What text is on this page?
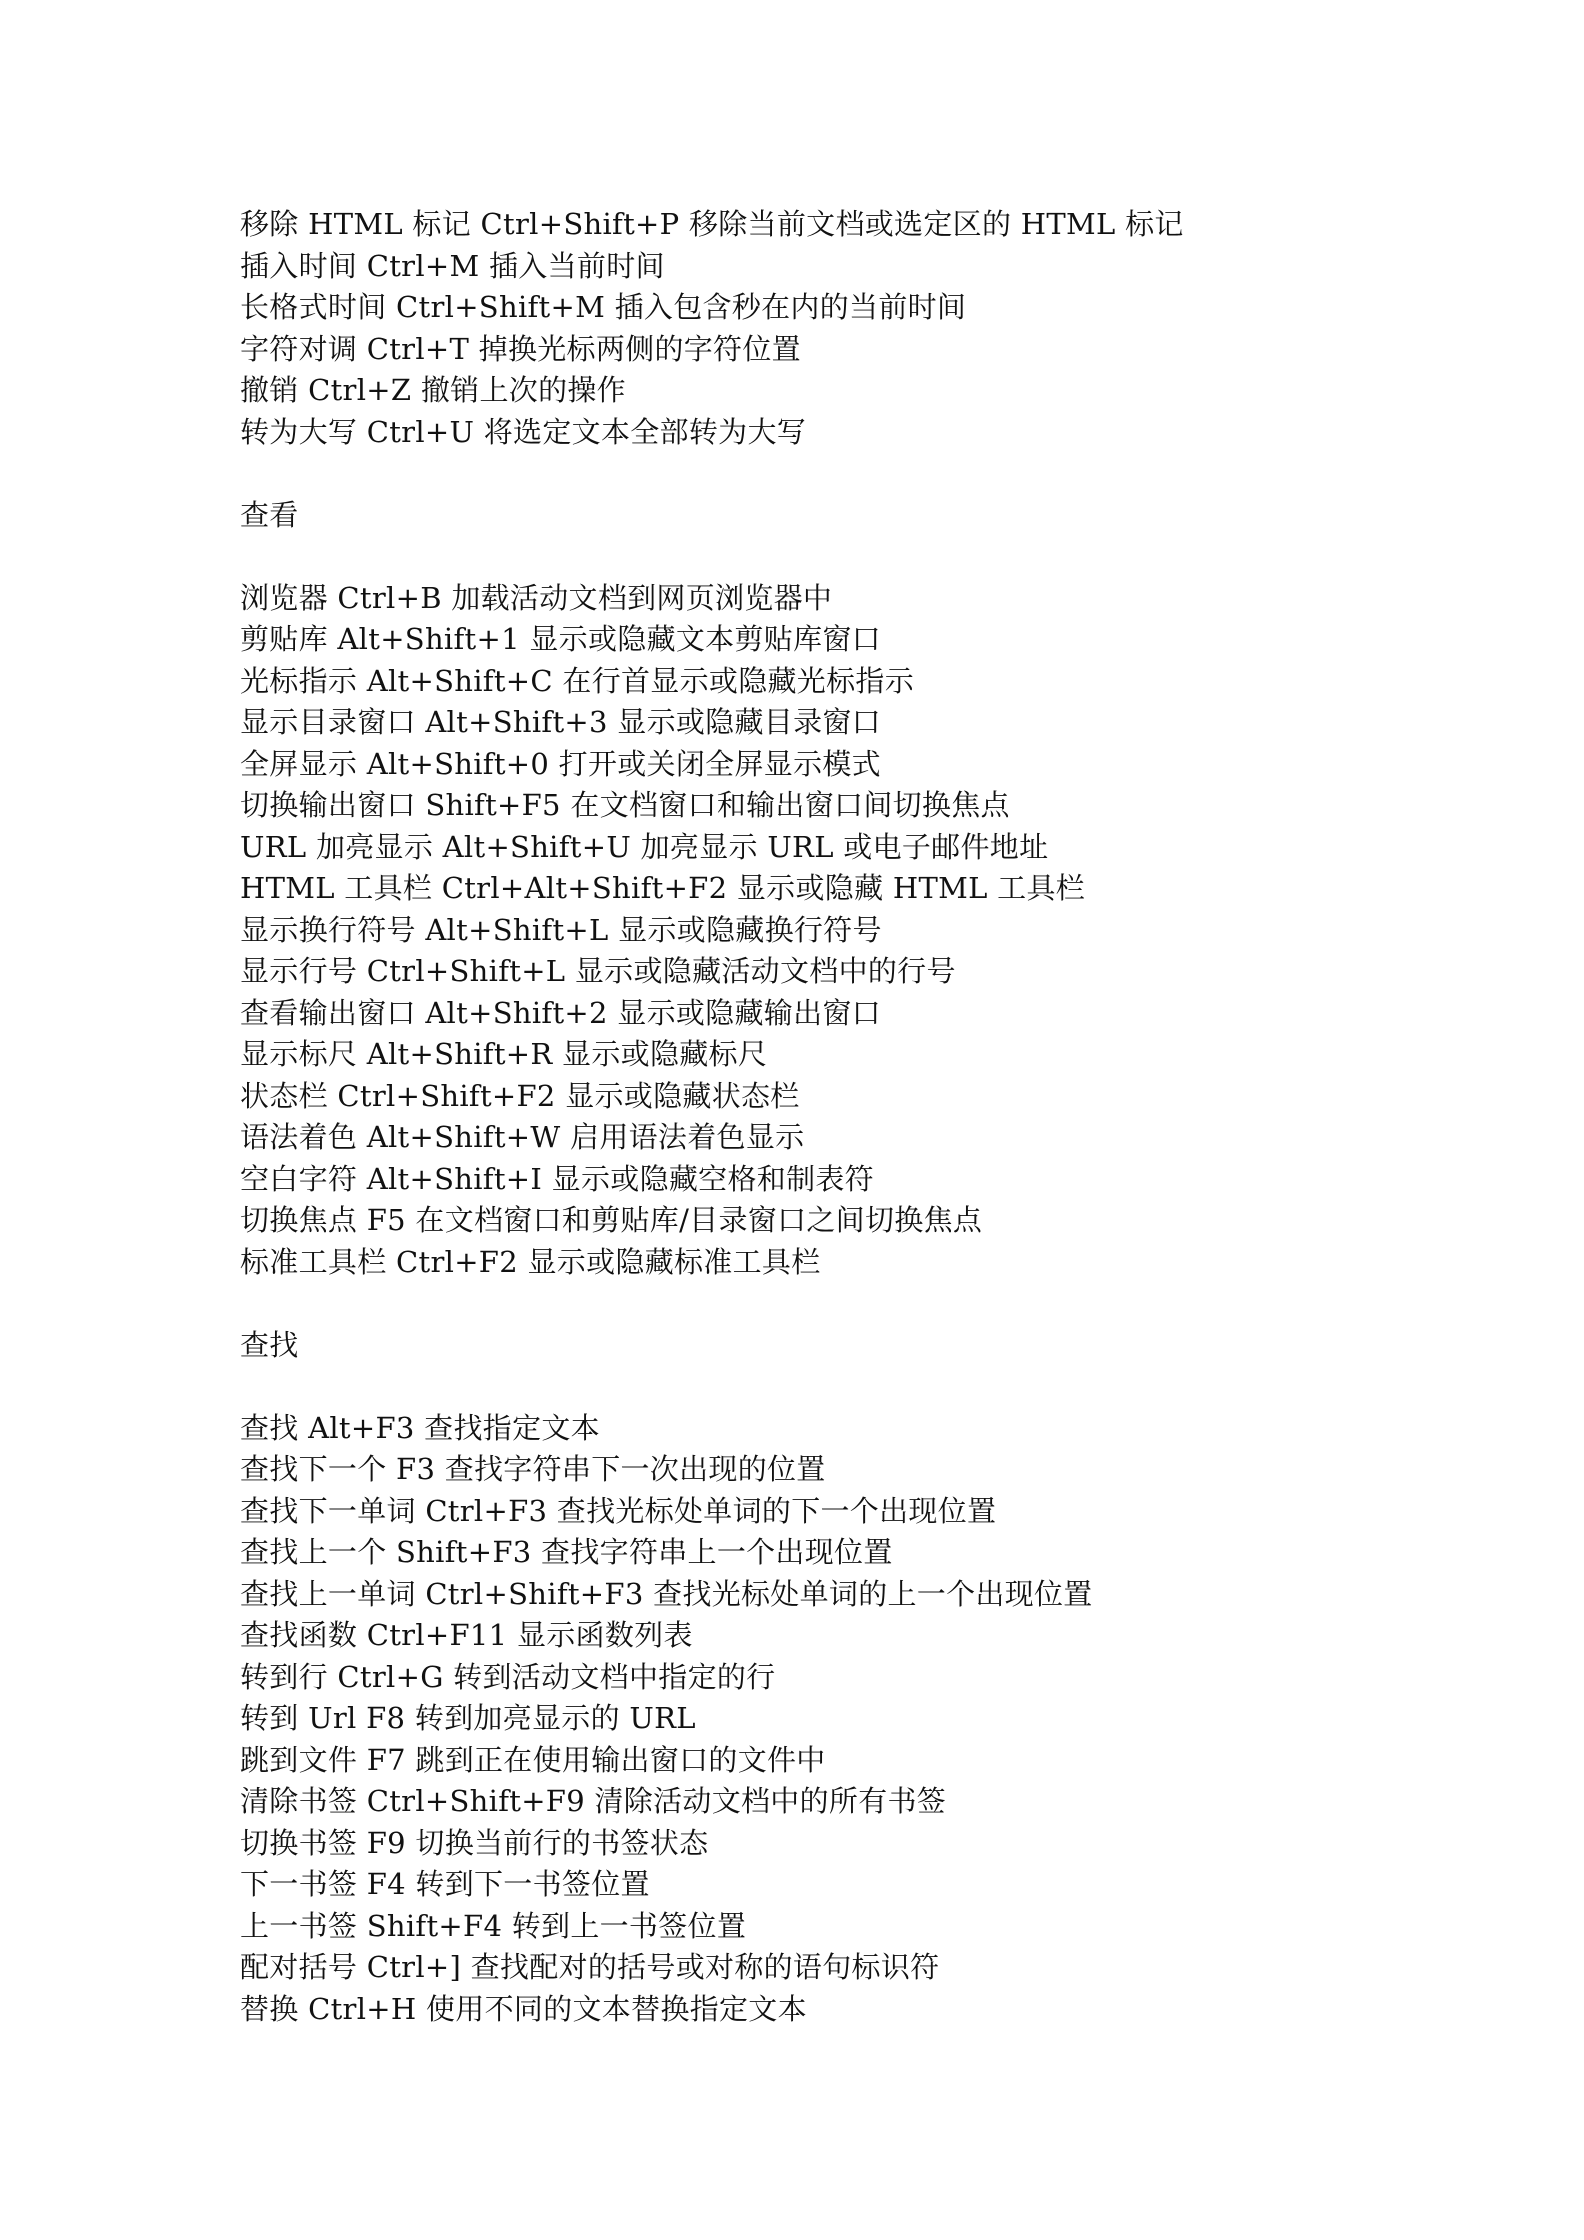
移除 HTML 标记 Ctrl+Shift+P 移除当前文档或选定区的 HTML 标记
插入时间 Ctrl+M 插入当前时间
长格式时间 Ctrl+Shift+M 插入包含秒在内的当前时间
字符对调 Ctrl+T 掉换光标两侧的字符位置
撤销 Ctrl+Z 撤销上次的操作
转为大写 Ctrl+U 将选定文本全部转为大写
查看
浏览器 Ctrl+B 加载活动文档到网页浏览器中
剪贴库 Alt+Shift+1 显示或隐藏文本剪贴库窗口
光标指示 Alt+Shift+C 在行首显示或隐藏光标指示
显示目录窗口 Alt+Shift+3 显示或隐藏目录窗口
全屏显示 Alt+Shift+0 打开或关闭全屏显示模式
切换输出窗口 Shift+F5 在文档窗口和输出窗口间切换焦点
URL 加亮显示 Alt+Shift+U 加亮显示 URL 或电子邮件地址
HTML 工具栏 Ctrl+Alt+Shift+F2 显示或隐藏 HTML 工具栏
显示换行符号 Alt+Shift+L 显示或隐藏换行符号
显示行号 Ctrl+Shift+L 显示或隐藏活动文档中的行号
查看输出窗口 Alt+Shift+2 显示或隐藏输出窗口
显示标尺 Alt+Shift+R 显示或隐藏标尺
状态栏 Ctrl+Shift+F2 显示或隐藏状态栏
语法着色 Alt+Shift+W 启用语法着色显示
空白字符 Alt+Shift+I 显示或隐藏空格和制表符
切换焦点 F5 在文档窗口和剪贴库/目录窗口之间切换焦点
标准工具栏 Ctrl+F2 显示或隐藏标准工具栏
查找
查找 Alt+F3 查找指定文本
查找下一个 F3 查找字符串下一次出现的位置
查找下一单词 Ctrl+F3 查找光标处单词的下一个出现位置
查找上一个 Shift+F3 查找字符串上一个出现位置
查找上一单词 Ctrl+Shift+F3 查找光标处单词的上一个出现位置
查找函数 Ctrl+F11 显示函数列表
转到行 Ctrl+G 转到活动文档中指定的行
转到 Url F8 转到加亮显示的 URL
跳到文件 F7 跳到正在使用输出窗口的文件中
清除书签 Ctrl+Shift+F9 清除活动文档中的所有书签
切换书签 F9 切换当前行的书签状态
下一书签 F4 转到下一书签位置
上一书签 Shift+F4 转到上一书签位置
配对括号 Ctrl+] 查找配对的括号或对称的语句标识符
替换 Ctrl+H 使用不同的文本替换指定文本
